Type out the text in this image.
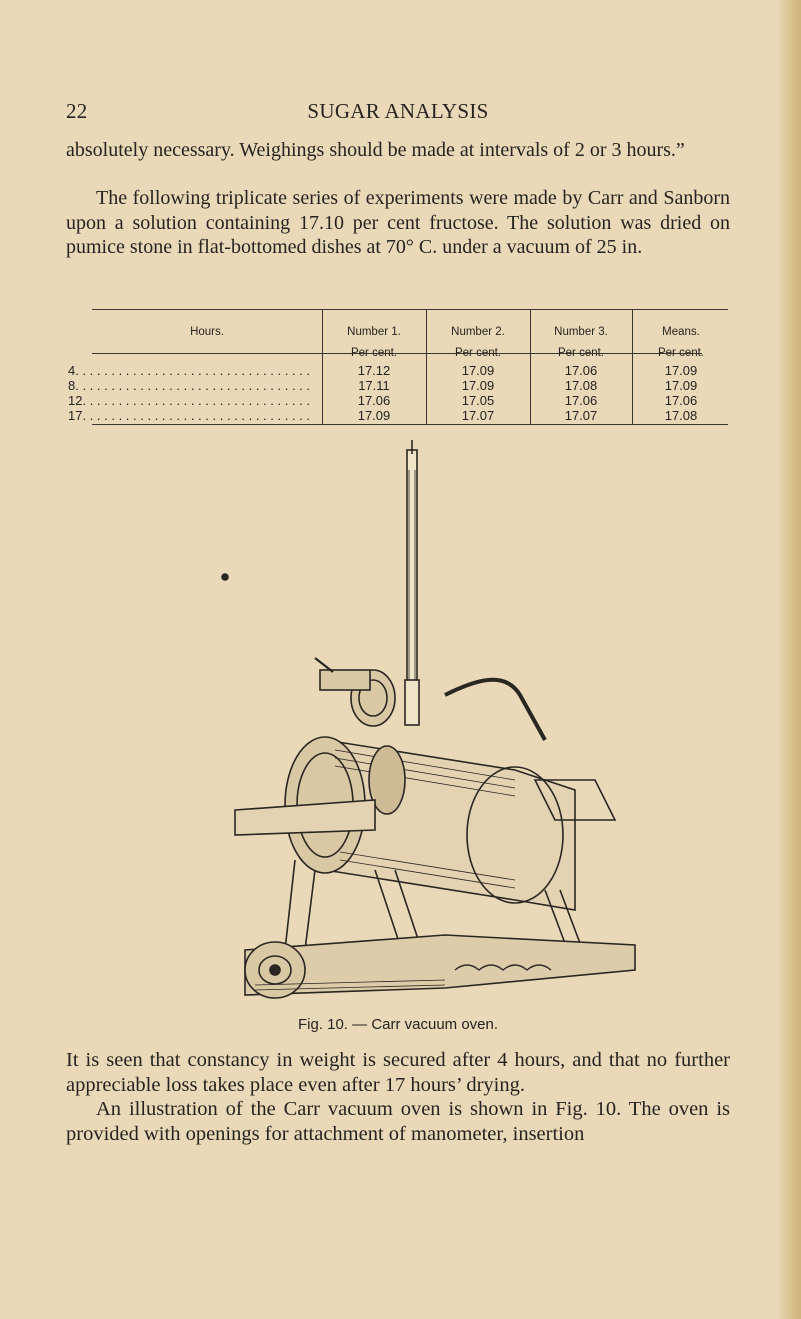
22	SUGAR ANALYSIS

absolutely necessary. Weighings should be made at intervals of 2 or 3 hours.”

The following triplicate series of experiments were made by Carr and Sanborn upon a solution containing 17.10 per cent fructose. The solution was dried on pumice stone in flat-bottomed dishes at 70° C. under a vacuum of 25 in.

Hours.	Number 1.	Number 2.	Number 3.	Means.
Per cent.	Per cent.	Per cent.	Per cent.
4. . . . . . . . . . . . . . . . . . . . . . . . . . . . . . . . .	17.12	17.09	17.06	17.09
8. . . . . . . . . . . . . . . . . . . . . . . . . . . . . . . . .	17.11	17.09	17.08	17.09
12. . . . . . . . . . . . . . . . . . . . . . . . . . . . . . . .	17.06	17.05	17.06	17.06
17. . . . . . . . . . . . . . . . . . . . . . . . . . . . . . . .	17.09	17.07	17.07	17.08
Fig. 10. — Carr vacuum oven.

It is seen that constancy in weight is secured after 4 hours, and that no further appreciable loss takes place even after 17 hours’ drying.

An illustration of the Carr vacuum oven is shown in Fig. 10. The oven is provided with openings for attachment of manometer, insertion
